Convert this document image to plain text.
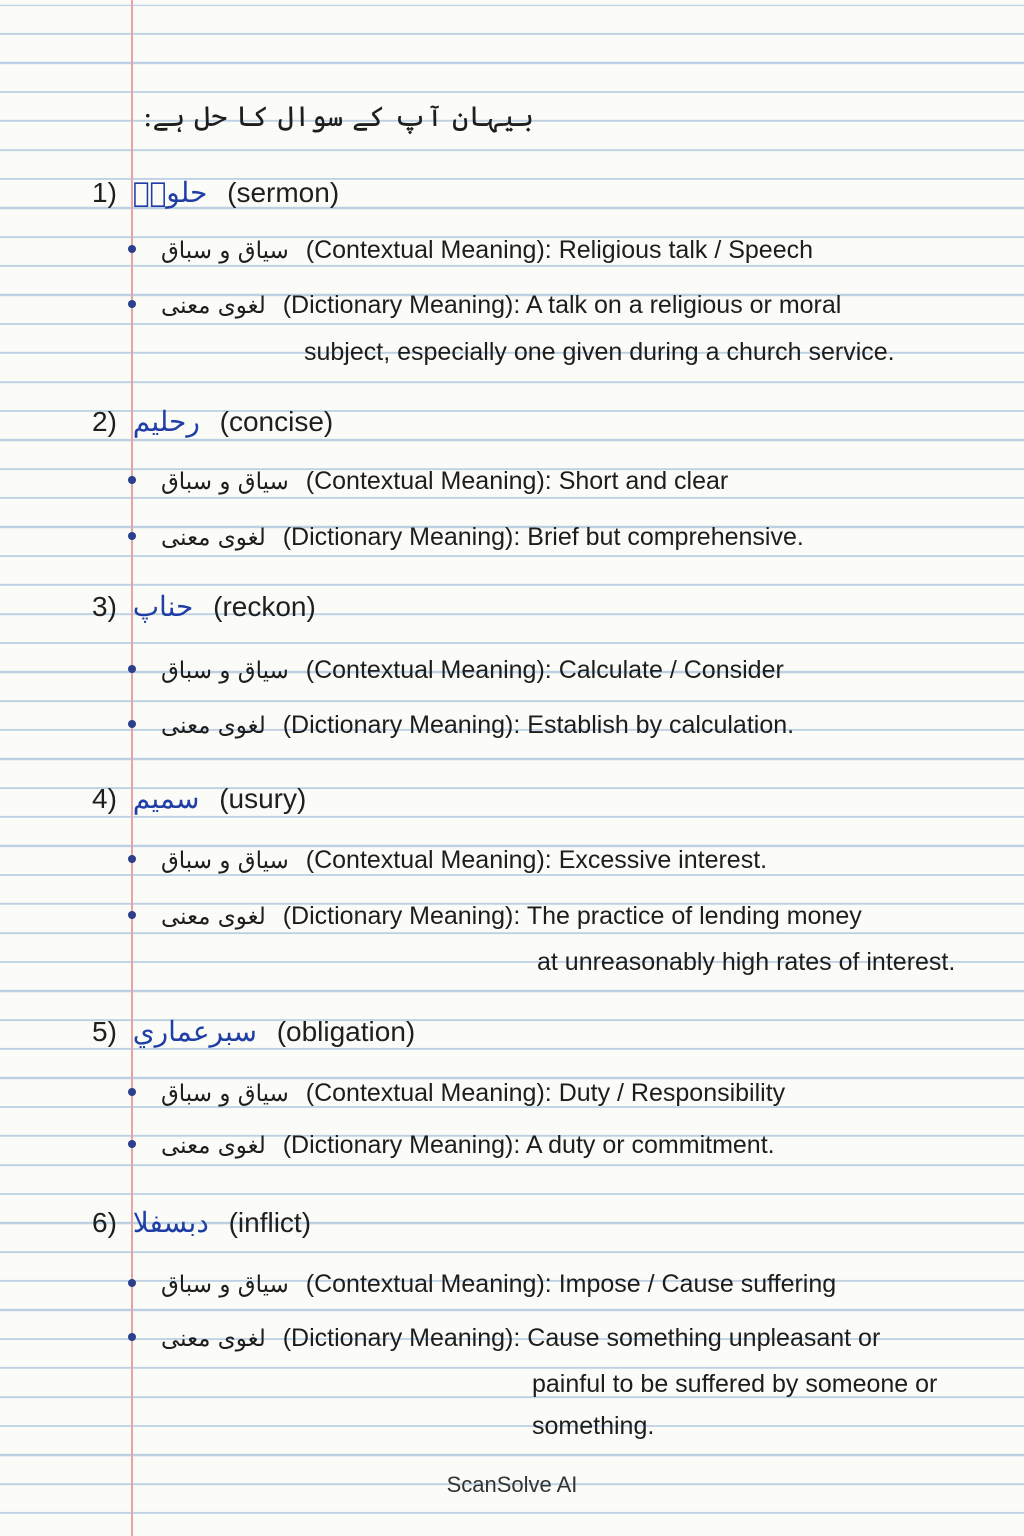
بیہان آپ کے سوال کا حل ہے:
1) حلوپؔ (sermon)
سیاق و سباق (Contextual Meaning): Religious talk / Speech
لغوی معنی (Dictionary Meaning): A talk on a religious or moral
subject, especially one given during a church service.
2) رحلیم (concise)
سیاق و سباق (Contextual Meaning): Short and clear
لغوی معنی (Dictionary Meaning): Brief but comprehensive.
3) حناپ (reckon)
سیاق و سباق (Contextual Meaning): Calculate / Consider
لغوی معنی (Dictionary Meaning): Establish by calculation.
4) سمیم (usury)
سیاق و سباق (Contextual Meaning): Excessive interest.
لغوی معنی (Dictionary Meaning): The practice of lending money
at unreasonably high rates of interest.
5) سبرعماري (obligation)
سیاق و سباق (Contextual Meaning): Duty / Responsibility
لغوی معنی (Dictionary Meaning): A duty or commitment.
6) دبسفلا (inflict)
سیاق و سباق (Contextual Meaning): Impose / Cause suffering
لغوی معنی (Dictionary Meaning): Cause something unpleasant or
painful to be suffered by someone or
something.
ScanSolve AI
